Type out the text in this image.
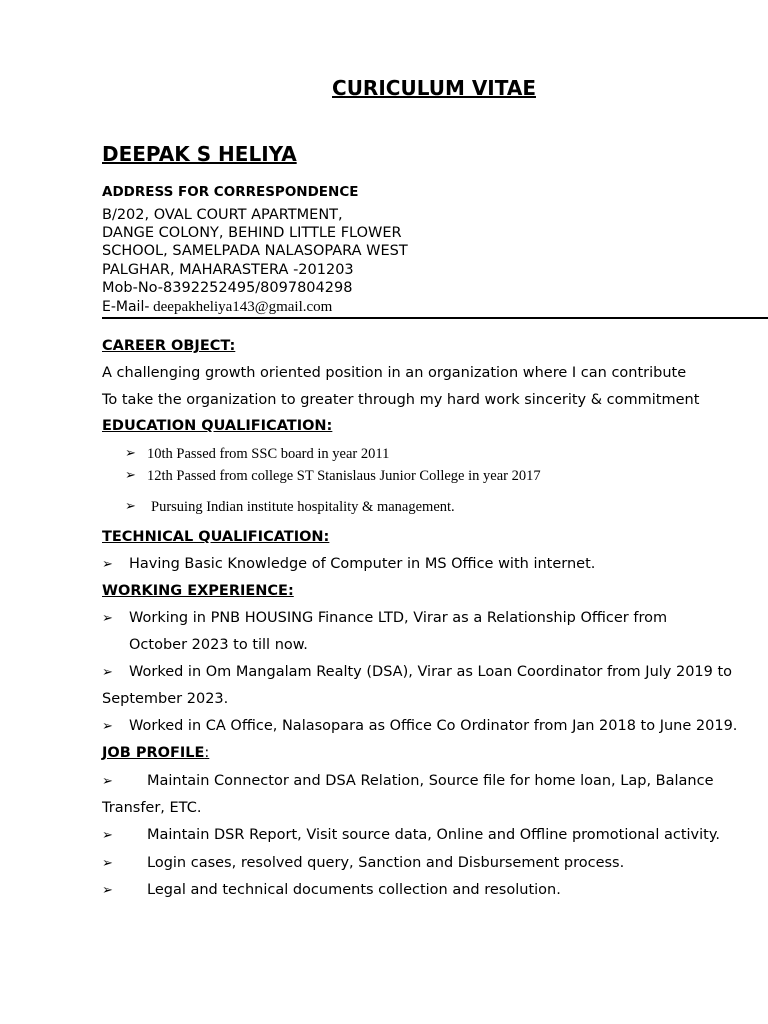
CURICULUM VITAE
DEEPAK S HELIYA
ADDRESS FOR CORRESPONDENCE
B/202, OVAL COURT APARTMENT,
DANGE COLONY, BEHIND LITTLE FLOWER
SCHOOL, SAMELPADA NALASOPARA WEST
PALGHAR, MAHARASTERA -201203
Mob-No-8392252495/8097804298
E-Mail- deepakheliya143@gmail.com
CAREER OBJECT:
A challenging growth oriented position in an organization where I can contribute
To take the organization to greater through my hard work sincerity & commitment
EDUCATION QUALIFICATION:
➢ 10th Passed from SSC board in year 2011
➢ 12th Passed from college ST Stanislaus Junior College in year 2017
➢ Pursuing Indian institute hospitality & management.
TECHNICAL QUALIFICATION:
➢ Having Basic Knowledge of Computer in MS Office with internet.
WORKING EXPERIENCE:
➢ Working in PNB HOUSING Finance LTD, Virar as a Relationship Officer from
October 2023 to till now.
➢ Worked in Om Mangalam Realty (DSA), Virar as Loan Coordinator from July 2019 to
September 2023.
➢ Worked in CA Office, Nalasopara as Office Co Ordinator from Jan 2018 to June 2019.
JOB PROFILE:
➢ Maintain Connector and DSA Relation, Source file for home loan, Lap, Balance
Transfer, ETC.
➢ Maintain DSR Report, Visit source data, Online and Offline promotional activity.
➢ Login cases, resolved query, Sanction and Disbursement process.
➢ Legal and technical documents collection and resolution.
